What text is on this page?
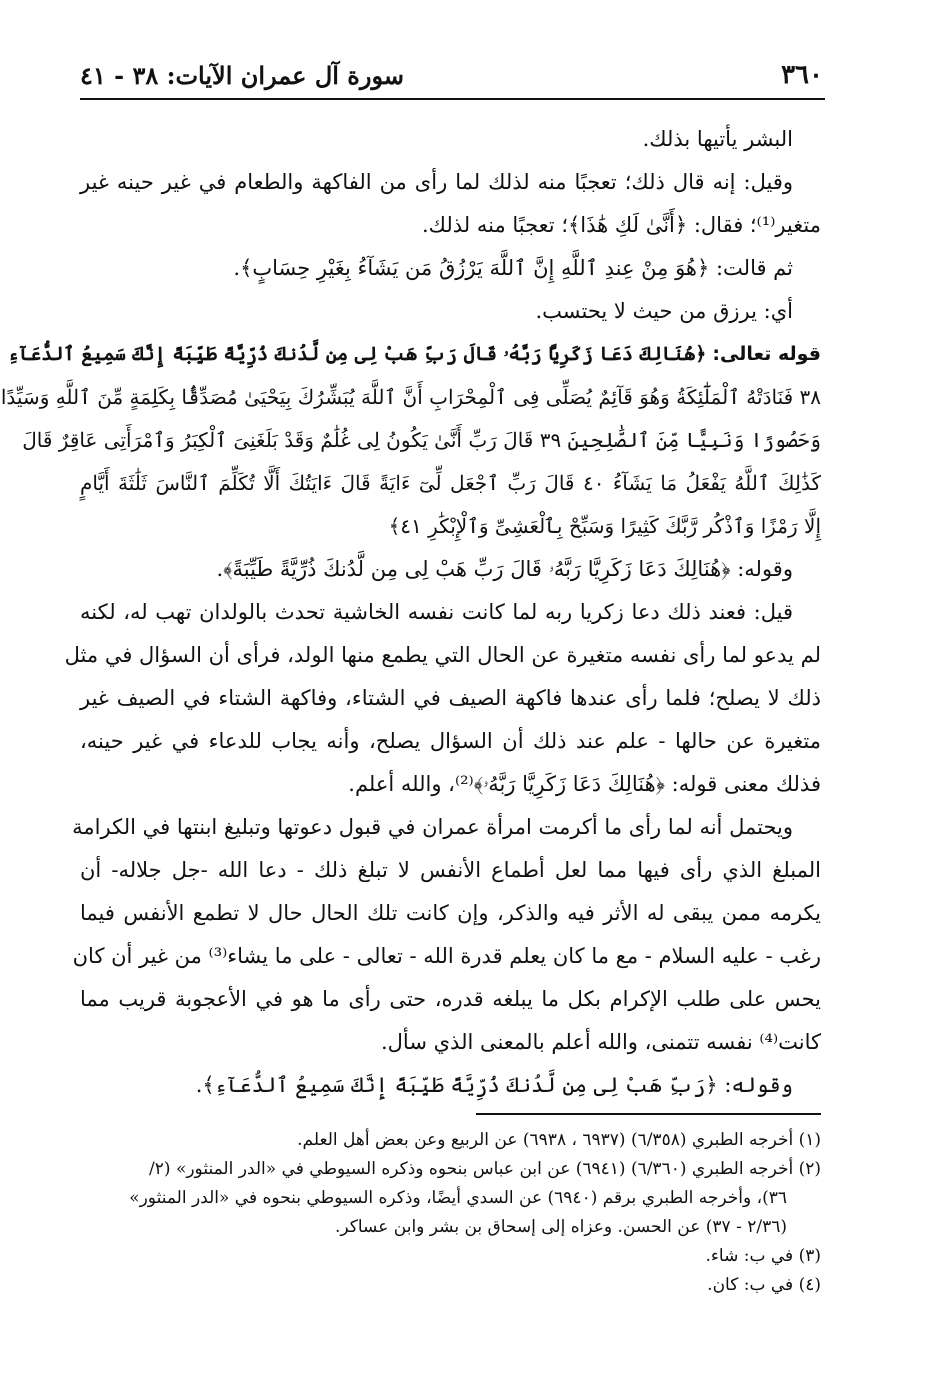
٣٦٠
سورة آل عمران الآيات: ٣٨ - ٤١
البشر يأتيها بذلك.
وقيل: إنه قال ذلك؛ تعجبًا منه لذلك لما رأى من الفاكهة والطعام في غير حينه غير
متغير⁽¹⁾؛ فقال: ﴿أَنَّىٰ لَكِ هَٰذَا﴾؛ تعجبًا منه لذلك.
ثم قالت: ﴿هُوَ مِنْ عِندِ ٱللَّهِ إِنَّ ٱللَّهَ يَرْزُقُ مَن يَشَآءُ بِغَيْرِ حِسَابٍ﴾.
أي: يرزق من حيث لا يحتسب.
قوله تعالى: ﴿هُنَالِكَ دَعَا زَكَرِيَّا رَبَّهُۥ قَالَ رَبِّ هَبْ لِى مِن لَّدُنكَ ذُرِّيَّةً طَيِّبَةً إِنَّكَ سَمِيعُ ٱلدُّعَآءِ
٣٨ فَنَادَتْهُ ٱلْمَلَٰٓئِكَةُ وَهُوَ قَآئِمٌ يُصَلِّى فِى ٱلْمِحْرَابِ أَنَّ ٱللَّهَ يُبَشِّرُكَ بِيَحْيَىٰ مُصَدِّقًۢا بِكَلِمَةٍ مِّنَ ٱللَّهِ وَسَيِّدًا
وَحَصُورًا وَنَبِيًّا مِّنَ ٱلصَّٰلِحِينَ ٣٩ قَالَ رَبِّ أَنَّىٰ يَكُونُ لِى غُلَٰمٌ وَقَدْ بَلَغَنِىَ ٱلْكِبَرُ وَٱمْرَأَتِى عَاقِرٌ قَالَ
كَذَٰلِكَ ٱللَّهُ يَفْعَلُ مَا يَشَآءُ ٤٠ قَالَ رَبِّ ٱجْعَل لِّىٓ ءَايَةً قَالَ ءَايَتُكَ أَلَّا تُكَلِّمَ ٱلنَّاسَ ثَلَٰثَةَ أَيَّامٍ
إِلَّا رَمْزًا وَٱذْكُر رَّبَّكَ كَثِيرًا وَسَبِّحْ بِٱلْعَشِىِّ وَٱلْإِبْكَٰرِ ٤١﴾
وقوله: ﴿هُنَالِكَ دَعَا زَكَرِيَّا رَبَّهُۥ قَالَ رَبِّ هَبْ لِى مِن لَّدُنكَ ذُرِّيَّةً طَيِّبَةً﴾.
قيل: فعند ذلك دعا زكريا ربه لما كانت نفسه الخاشية تحدث بالولدان تهب له، لكنه
لم يدعو لما رأى نفسه متغيرة عن الحال التي يطمع منها الولد، فرأى أن السؤال في مثل
ذلك لا يصلح؛ فلما رأى عندها فاكهة الصيف في الشتاء، وفاكهة الشتاء في الصيف غير
متغيرة عن حالها - علم عند ذلك أن السؤال يصلح، وأنه يجاب للدعاء في غير حينه،
فذلك معنى قوله: ﴿هُنَالِكَ دَعَا زَكَرِيَّا رَبَّهُۥ﴾⁽²⁾، والله أعلم.
ويحتمل أنه لما رأى ما أكرمت امرأة عمران في قبول دعوتها وتبليغ ابنتها في الكرامة
المبلغ الذي رأى فيها مما لعل أطماع الأنفس لا تبلغ ذلك - دعا الله -جل جلاله- أن
يكرمه ممن يبقى له الأثر فيه والذكر، وإن كانت تلك الحال حال لا تطمع الأنفس فيما
رغب - عليه السلام - مع ما كان يعلم قدرة الله - تعالى - على ما يشاء⁽³⁾ من غير أن كان
يحس على طلب الإكرام بكل ما يبلغه قدره، حتى رأى ما هو في الأعجوبة قريب مما
كانت⁽⁴⁾ نفسه تتمنى، والله أعلم بالمعنى الذي سأل.
وقوله: ﴿رَبِّ هَبْ لِى مِن لَّدُنكَ ذُرِّيَّةً طَيِّبَةً إِنَّكَ سَمِيعُ ٱلدُّعَآءِ﴾.
(١) أخرجه الطبري (٦/٣٥٨) (٦٩٣٧ ، ٦٩٣٨) عن الربيع وعن بعض أهل العلم.
(٢) أخرجه الطبري (٦/٣٦٠) (٦٩٤١) عن ابن عباس بنحوه وذكره السيوطي في «الدر المنثور» (٢/
٣٦)، وأخرجه الطبري برقم (٦٩٤٠) عن السدي أيضًا، وذكره السيوطي بنحوه في «الدر المنثور»
(٢/٣٦ - ٣٧) عن الحسن. وعزاه إلى إسحاق بن بشر وابن عساكر.
(٣) في ب: شاء.
(٤) في ب: كان.
